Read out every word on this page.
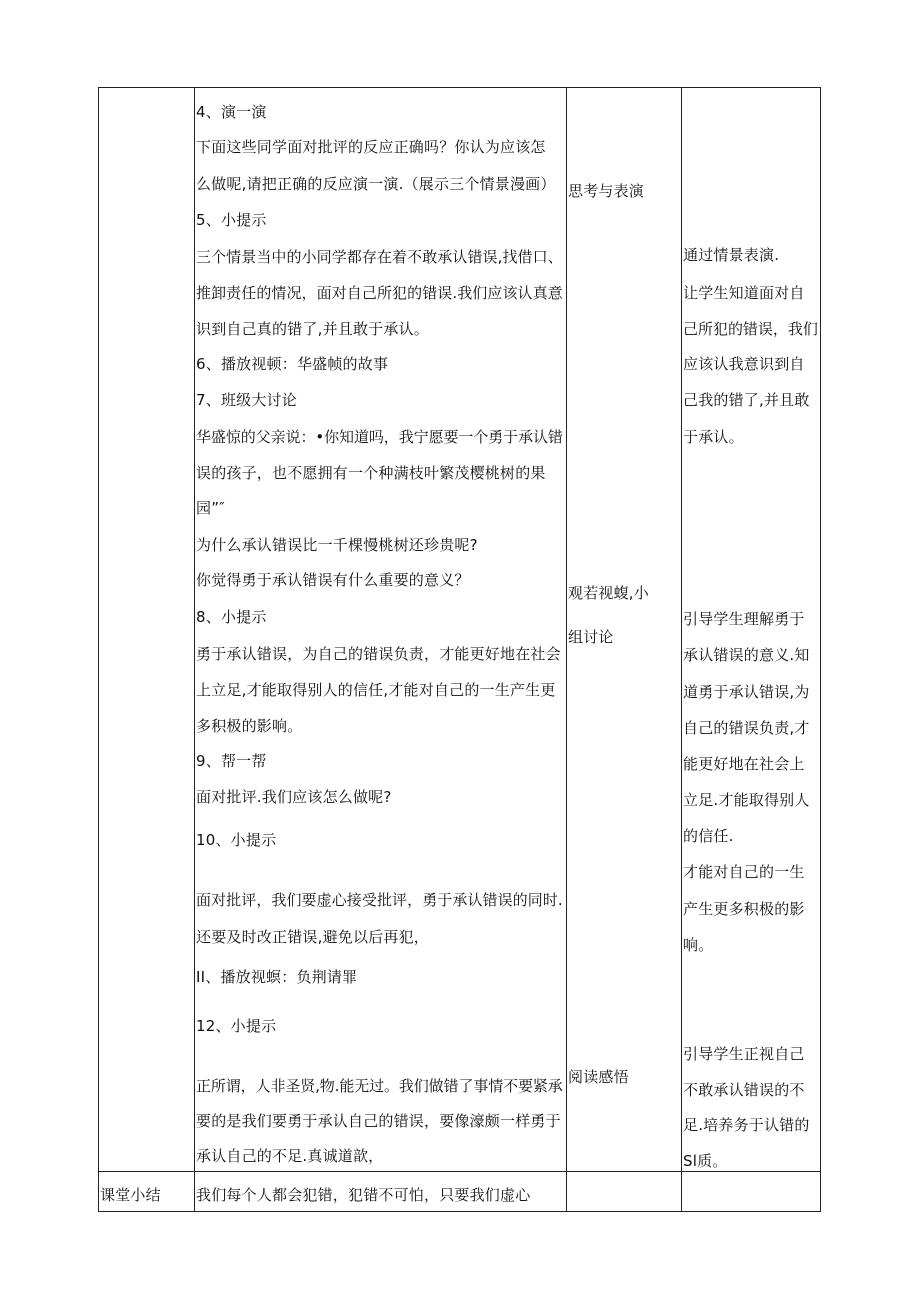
4、演一演
下面这些同学面对批评的反应正确吗？你认为应该怎
么做呢,请把正确的反应演一演.（展示三个情景漫画）
5、小提示
三个情景当中的小同学都存在着不敢承认错误,找借口、
推卸责任的情况，面对自己所犯的错误.我们应该认真意
识到自己真的错了,并且敢于承认。
6、播放视顿：华盛帧的故事
7、班级大讨论
华盛惊的父亲说：•你知道吗，我宁愿要一个勇于承认错
误的孩子，也不愿拥有一个种满枝叶繁茂樱桃树的果
园”″
为什么承认错误比一千棵慢桃树还珍贵呢?
你觉得勇于承认错误有什么重要的意义？
8、小提示
勇于承认错误，为自己的错误负责，才能更好地在社会
上立足,才能取得别人的信任,才能对自己的一生产生更
多积极的影响。
9、帮一帮
面对批评.我们应该怎么做呢?
10、小提示
面对批评，我们要虚心接受批评，勇于承认错误的同时.
还要及时改正错误,避免以后再犯，
II、播放视螟：负荆请罪
12、小提示
正所谓，人非圣贤,物.能无过。我们做错了事情不要紧承
要的是我们要勇于承认自己的错误，要像濠颇一样勇于
承认自己的不足.真诚道歆，
思考与表演
观若视蝮,小
组讨论
阅读感悟
通过情景表演.
让学生知道面对自
己所犯的错误，我们
应该认我意识到自
己我的错了,并且敢
于承认。
引导学生理解勇于
承认错误的意义.知
道勇于承认错误,为
自己的错误负责,才
能更好地在社会上
立足.才能取得别人
的信任.
才能对自己的一生
产生更多积极的影
响。
引导学生正视自己
不敢承认错误的不
足.培养务于认错的
Sl质。
课堂小结 我们每个人都会犯错，犯错不可怕，只要我们虚心
